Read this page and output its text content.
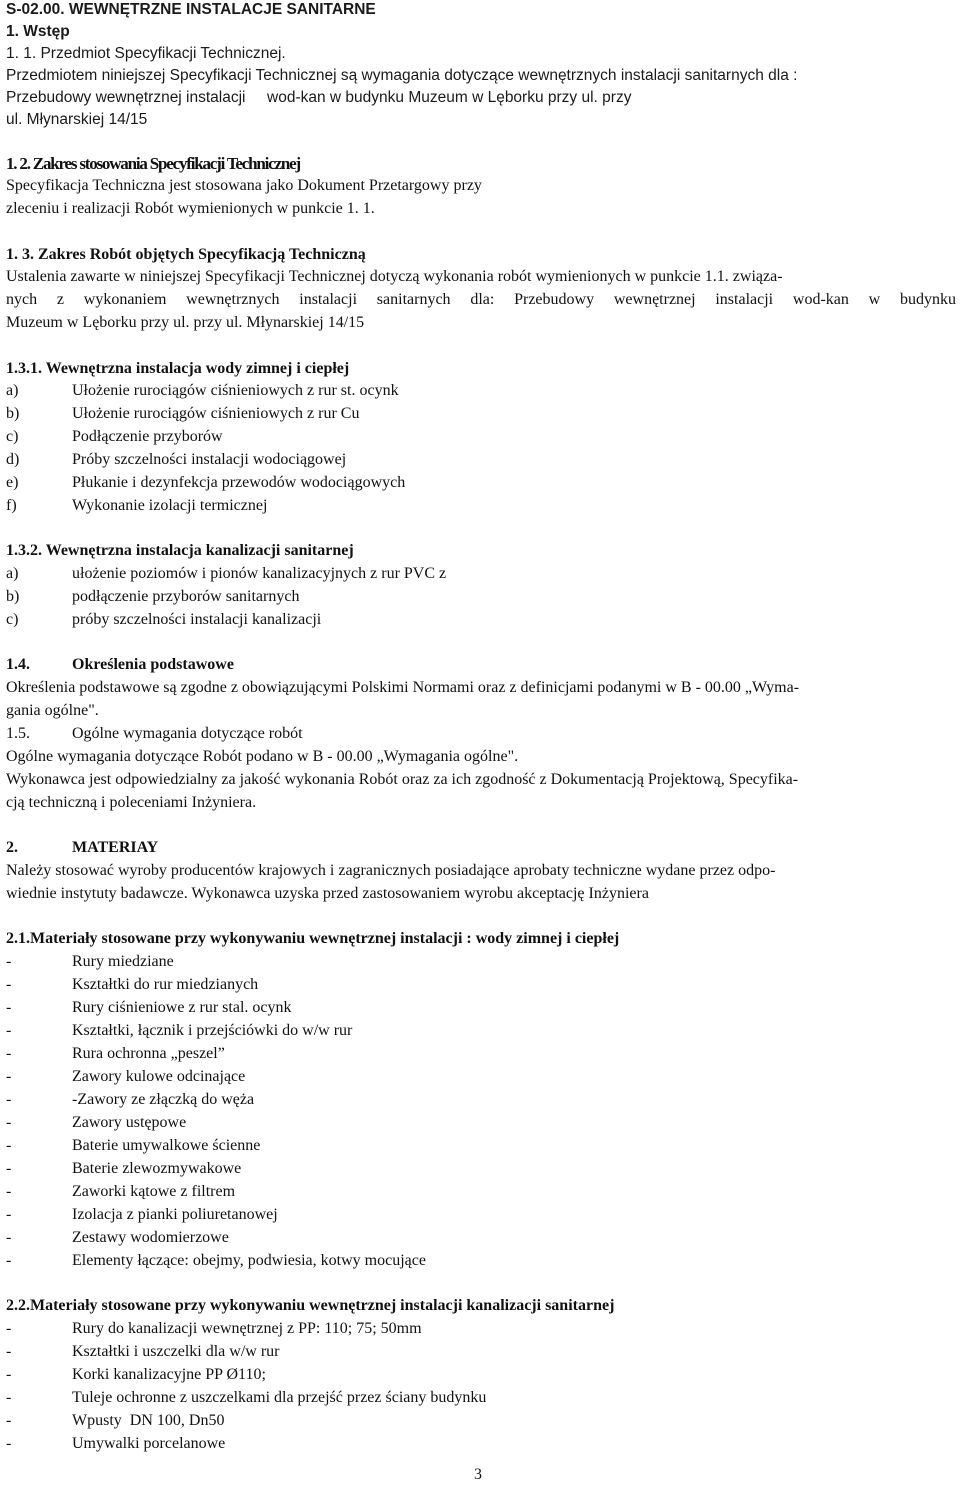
S-02.00. WEWNĘTRZNE INSTALACJE SANITARNE
1. Wstęp
1. 1. Przedmiot Specyfikacji Technicznej.
Przedmiotem niniejszej Specyfikacji Technicznej są wymagania dotyczące wewnętrznych instalacji sanitarnych dla :
Przebudowy wewnętrznej instalacji     wod-kan w budynku Muzeum w Lęborku przy ul. przy
ul. Młynarskiej 14/15
1. 2. Zakres stosowania Specyfikacji Technicznej
Specyfikacja Techniczna jest stosowana jako Dokument Przetargowy przy
zleceniu i realizacji Robót wymienionych w punkcie 1. 1.
1. 3. Zakres Robót objętych Specyfikacją Techniczną
Ustalenia zawarte w niniejszej Specyfikacji Technicznej dotyczą wykonania robót wymienionych w punkcie 1.1. związa-
nych z wykonaniem wewnętrznych instalacji sanitarnych dla: Przebudowy wewnętrznej instalacji wod-kan w budynku
Muzeum w Lęborku przy ul. przy ul. Młynarskiej 14/15
1.3.1. Wewnętrzna instalacja wody zimnej i ciepłej
a)	Ułożenie rurociągów ciśnieniowych z rur st. ocynk
b)	Ułożenie rurociągów ciśnieniowych z rur Cu
c)	Podłączenie przyborów
d)	Próby szczelności instalacji wodociągowej
e)	Płukanie i dezynfekcja przewodów wodociągowych
f)	Wykonanie izolacji termicznej
1.3.2. Wewnętrzna instalacja kanalizacji sanitarnej
a)	ułożenie poziomów i pionów kanalizacyjnych z rur PVC z
b)	podłączenie przyborów sanitarnych
c)	próby szczelności instalacji kanalizacji
1.4.	Określenia podstawowe
Określenia podstawowe są zgodne z obowiązującymi Polskimi Normami oraz z definicjami podanymi w B - 00.00 „Wyma-
gania ogólne".
1.5.	Ogólne wymagania dotyczące robót
Ogólne wymagania dotyczące Robót podano w B - 00.00 „Wymagania ogólne".
Wykonawca jest odpowiedzialny za jakość wykonania Robót oraz za ich zgodność z Dokumentacją Projektową, Specyfika-
cją techniczną i poleceniami Inżyniera.
2.	MATERIAY
Należy stosować wyroby producentów krajowych i zagranicznych posiadające aprobaty techniczne wydane przez odpo-
wiednie instytuty badawcze. Wykonawca uzyska przed zastosowaniem wyrobu akceptację Inżyniera
2.1.Materiały stosowane przy wykonywaniu wewnętrznej instalacji : wody zimnej i ciepłej
-	Rury miedziane
-	Kształtki do rur miedzianych
-	Rury ciśnieniowe z rur stal. ocynk
-	Kształtki, łącznik i przejściówki do w/w rur
-	Rura ochronna „peszel”
-	Zawory kulowe odcinające
-	-Zawory ze złączką do węża
-	Zawory ustępowe
-	Baterie umywalkowe ścienne
-	Baterie zlewozmywakowe
-	Zaworki kątowe z filtrem
-	Izolacja z pianki poliuretanowej
-	Zestawy wodomierzowe
-	Elementy łączące: obejmy, podwiesia, kotwy mocujące
2.2.Materiały stosowane przy wykonywaniu wewnętrznej instalacji kanalizacji sanitarnej
-	Rury do kanalizacji wewnętrznej z PP: 110; 75; 50mm
-	Kształtki i uszczelki dla w/w rur
-	Korki kanalizacyjne PP Ø110;
-	Tuleje ochronne z uszczelkami dla przejść przez ściany budynku
-	Wpusty  DN 100, Dn50
-	Umywalki porcelanowe
3
